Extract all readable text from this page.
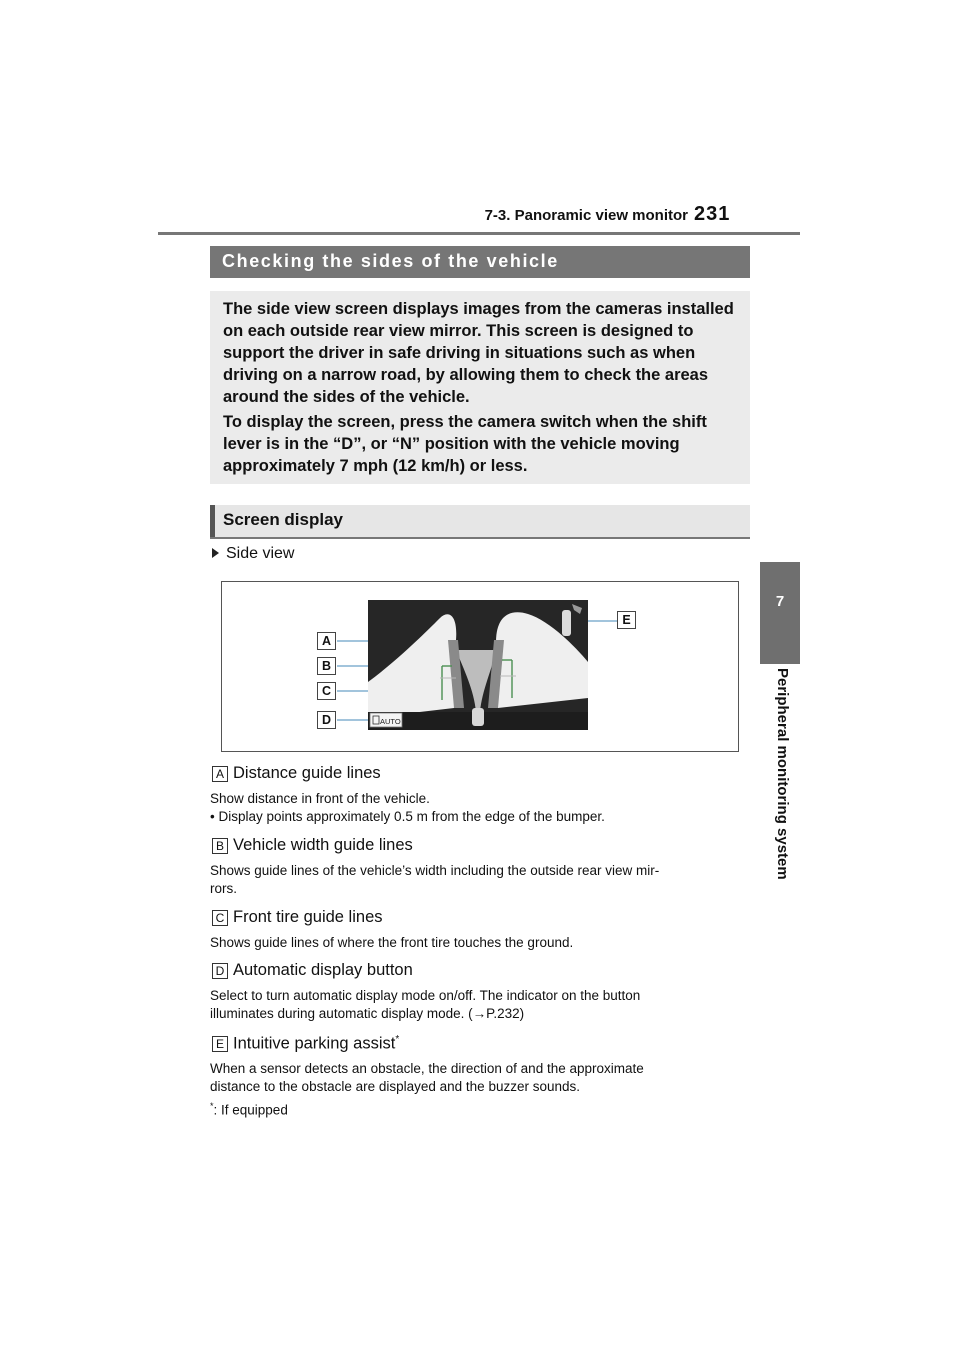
7-3. Panoramic view monitor 231
7
Peripheral monitoring system
Checking the sides of the vehicle

The side view screen displays images from the cameras installed on each outside rear view mirror. This screen is designed to support the driver in safe driving in situations such as when driving on a narrow road, by allowing them to check the areas around the sides of the vehicle.

To display the screen, press the camera switch when the shift lever is in the “D”, or “N” position with the vehicle moving approximately 7 mph (12 km/h) or less.

Screen display
Side view
AUTO
A
B
C
D
E
A Distance guide lines

Show distance in front of the vehicle.

• Display points approximately 0.5 m from the edge of the bumper.

B Vehicle width guide lines

Shows guide lines of the vehicle’s width including the outside rear view mir-

rors.

C Front tire guide lines

Shows guide lines of where the front tire touches the ground.

D Automatic display button

Select to turn automatic display mode on/off. The indicator on the button

illuminates during automatic display mode. (→P.232)

E Intuitive parking assist*

When a sensor detects an obstacle, the direction of and the approximate

distance to the obstacle are displayed and the buzzer sounds.

*: If equipped
